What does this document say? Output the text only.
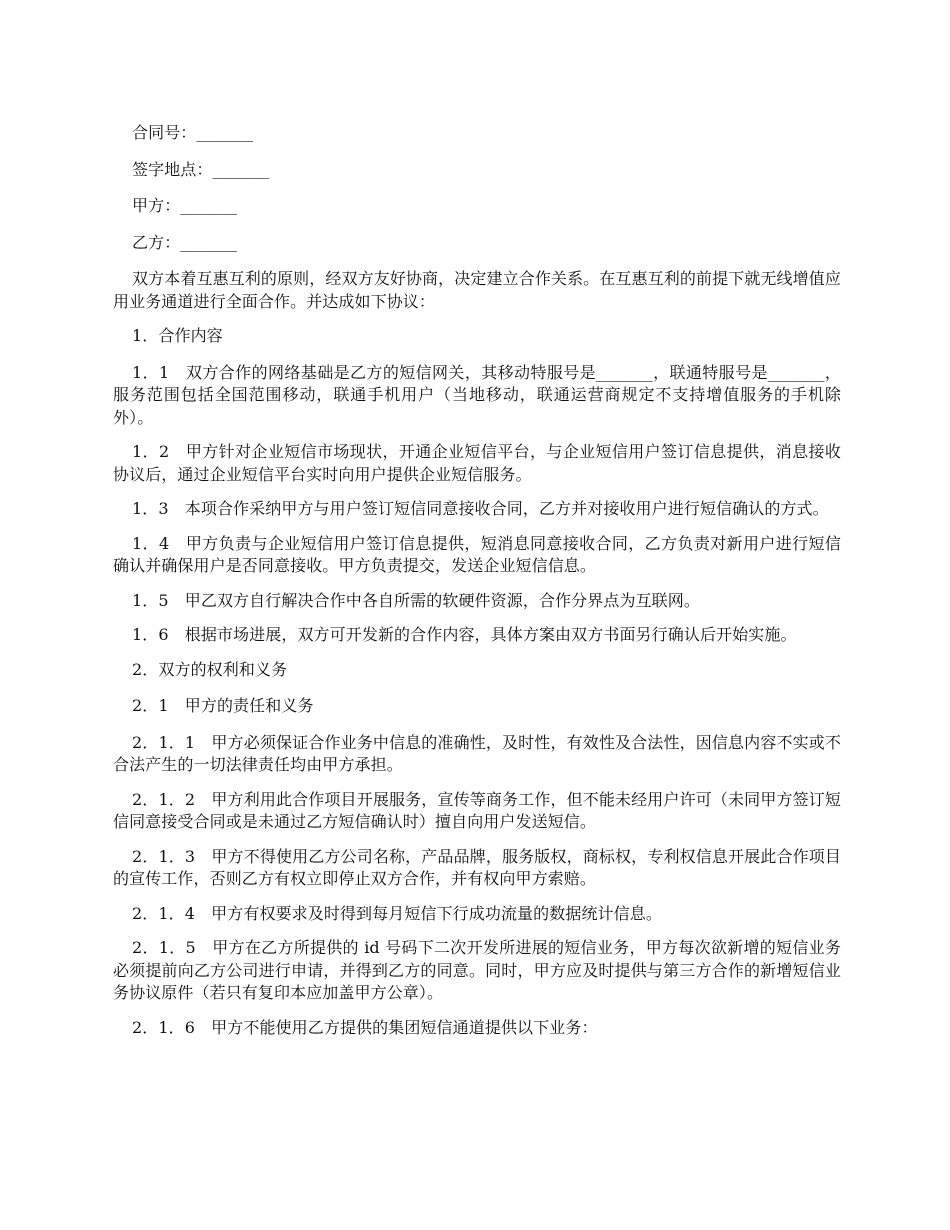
合同号：_______

签字地点：_______

甲方：_______

乙方：_______

双方本着互惠互利的原则，经双方友好协商，决定建立合作关系。在互惠互利的前提下就无线增值应用业务通道进行全面合作。并达成如下协议：

1．合作内容

1．1　双方合作的网络基础是乙方的短信网关，其移动特服号是_______，联通特服号是_______，服务范围包括全国范围移动，联通手机用户（当地移动，联通运营商规定不支持增值服务的手机除外）。

1．2　甲方针对企业短信市场现状，开通企业短信平台，与企业短信用户签订信息提供，消息接收协议后，通过企业短信平台实时向用户提供企业短信服务。

1．3　本项合作采纳甲方与用户签订短信同意接收合同，乙方并对接收用户进行短信确认的方式。

1．4　甲方负责与企业短信用户签订信息提供，短消息同意接收合同，乙方负责对新用户进行短信确认并确保用户是否同意接收。甲方负责提交，发送企业短信信息。

1．5　甲乙双方自行解决合作中各自所需的软硬件资源，合作分界点为互联网。

1．6　根据市场进展，双方可开发新的合作内容，具体方案由双方书面另行确认后开始实施。

2．双方的权利和义务

2．1　甲方的责任和义务

2．1．1　甲方必须保证合作业务中信息的准确性，及时性，有效性及合法性，因信息内容不实或不合法产生的一切法律责任均由甲方承担。

2．1．2　甲方利用此合作项目开展服务，宣传等商务工作，但不能未经用户许可（未同甲方签订短信同意接受合同或是未通过乙方短信确认时）擅自向用户发送短信。

2．1．3　甲方不得使用乙方公司名称，产品品牌，服务版权，商标权，专利权信息开展此合作项目的宣传工作，否则乙方有权立即停止双方合作，并有权向甲方索赔。

2．1．4　甲方有权要求及时得到每月短信下行成功流量的数据统计信息。

2．1．5　甲方在乙方所提供的 id 号码下二次开发所进展的短信业务，甲方每次欲新增的短信业务必须提前向乙方公司进行申请，并得到乙方的同意。同时，甲方应及时提供与第三方合作的新增短信业务协议原件（若只有复印本应加盖甲方公章）。

2．1．6　甲方不能使用乙方提供的集团短信通道提供以下业务：
